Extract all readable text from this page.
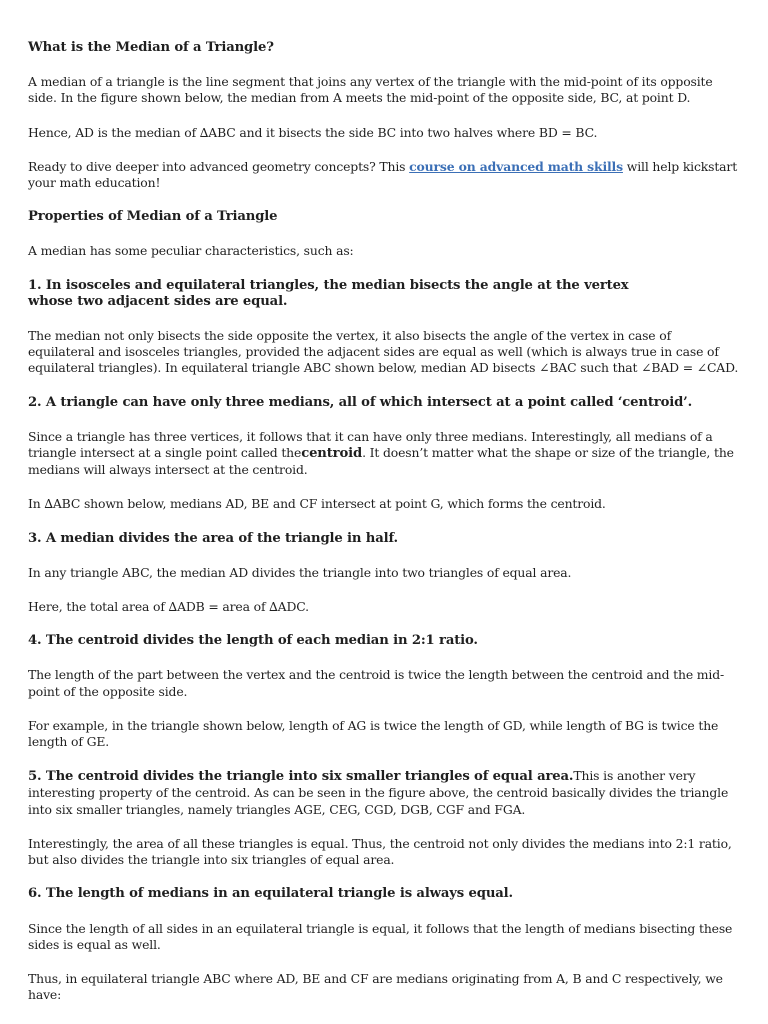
What is the Median of a Triangle?
A median of a triangle is the line segment that joins any vertex of the triangle with the mid-point of its opposite side. In the figure shown below, the median from A meets the mid-point of the opposite side, BC, at point D.
Hence, AD is the median of ∆ABC and it bisects the side BC into two halves where BD = BC.
Ready to dive deeper into advanced geometry concepts? This course on advanced math skills will help kickstart your math education!
Properties of Median of a Triangle
A median has some peculiar characteristics, such as:
1. In isosceles and equilateral triangles, the median bisects the angle at the vertex whose two adjacent sides are equal.
The median not only bisects the side opposite the vertex, it also bisects the angle of the vertex in case of equilateral and isosceles triangles, provided the adjacent sides are equal as well (which is always true in case of equilateral triangles). In equilateral triangle ABC shown below, median AD bisects ∠BAC such that ∠BAD = ∠CAD.
2. A triangle can have only three medians, all of which intersect at a point called ‘centroid’.
Since a triangle has three vertices, it follows that it can have only three medians. Interestingly, all medians of a triangle intersect at a single point called thecentroid. It doesn’t matter what the shape or size of the triangle, the medians will always intersect at the centroid.
In ∆ABC shown below, medians AD, BE and CF intersect at point G, which forms the centroid.
3. A median divides the area of the triangle in half.
In any triangle ABC, the median AD divides the triangle into two triangles of equal area.
Here, the total area of ∆ADB = area of ∆ADC.
4. The centroid divides the length of each median in 2:1 ratio.
The length of the part between the vertex and the centroid is twice the length between the centroid and the mid-point of the opposite side.
For example, in the triangle shown below, length of AG is twice the length of GD, while length of BG is twice the length of GE.
5. The centroid divides the triangle into six smaller triangles of equal area.This is another very interesting property of the centroid. As can be seen in the figure above, the centroid basically divides the triangle into six smaller triangles, namely triangles AGE, CEG, CGD, DGB, CGF and FGA.
Interestingly, the area of all these triangles is equal. Thus, the centroid not only divides the medians into 2:1 ratio, but also divides the triangle into six triangles of equal area.
6. The length of medians in an equilateral triangle is always equal.
Since the length of all sides in an equilateral triangle is equal, it follows that the length of medians bisecting these sides is equal as well.
Thus, in equilateral triangle ABC where AD, BE and CF are medians originating from A, B and C respectively, we have:
